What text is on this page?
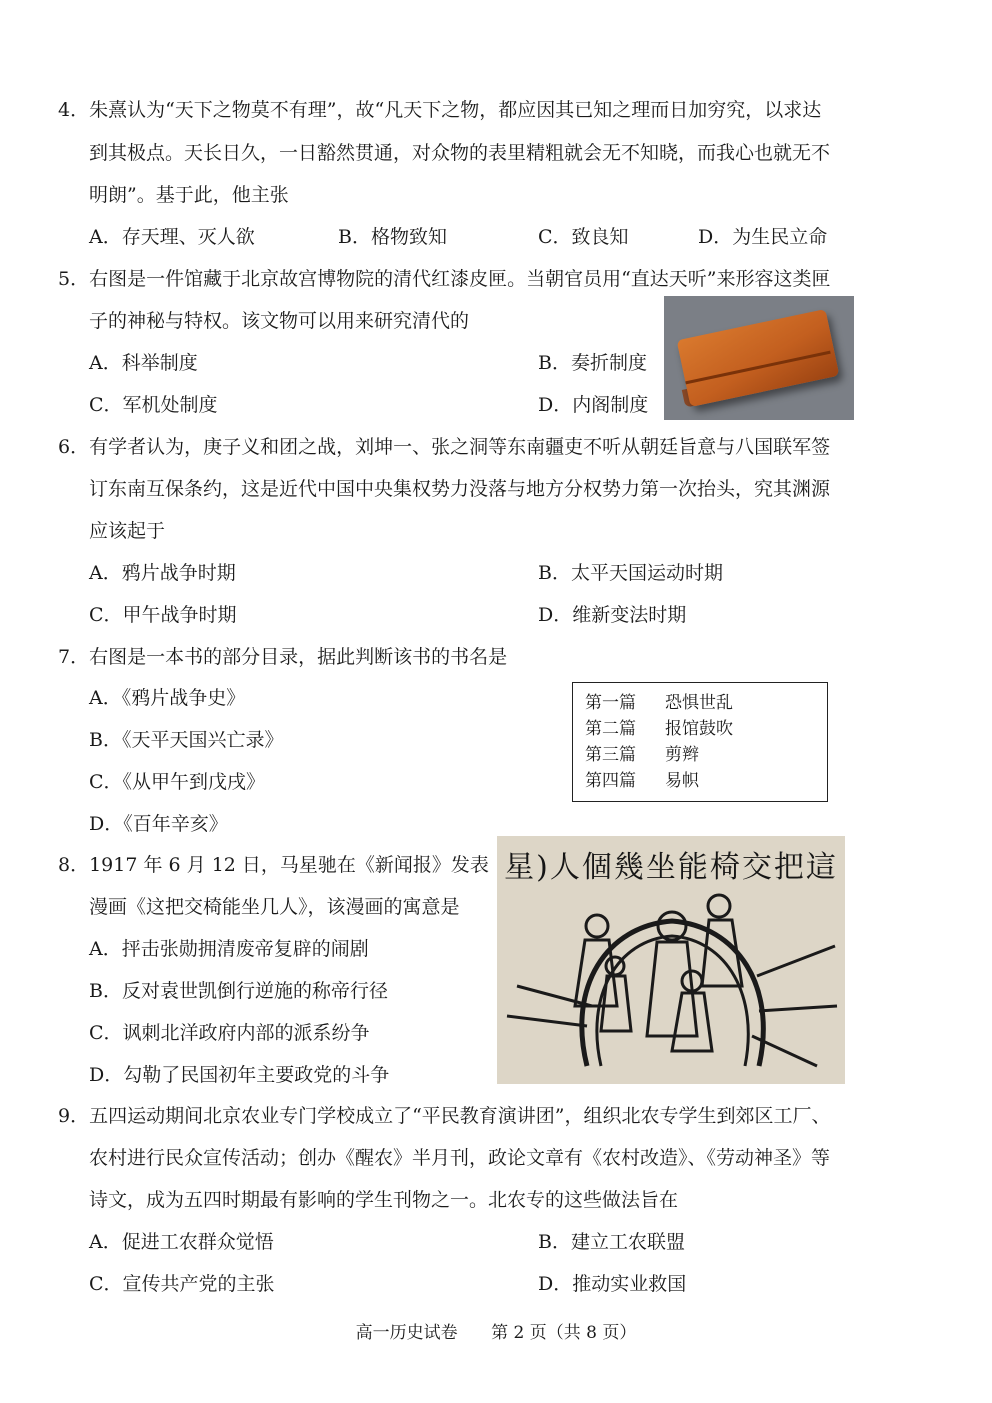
4．朱熹认为“天下之物莫不有理”，故“凡天下之物，都应因其已知之理而日加穷究，以求达
到其极点。天长日久，一日豁然贯通，对众物的表里精粗就会无不知晓，而我心也就无不
明朗”。基于此，他主张
A．存天理、灭人欲	B．格物致知	C．致良知	D．为生民立命
5．右图是一件馆藏于北京故宫博物院的清代红漆皮匣。当朝官员用“直达天听”来形容这类匣
子的神秘与特权。该文物可以用来研究清代的
A．科举制度	B．奏折制度
C．军机处制度	D．内阁制度
6．有学者认为，庚子义和团之战，刘坤一、张之洞等东南疆吏不听从朝廷旨意与八国联军签
订东南互保条约，这是近代中国中央集权势力没落与地方分权势力第一次抬头，究其渊源
应该起于
A．鸦片战争时期	B．太平天国运动时期
C．甲午战争时期	D．维新变法时期
7．右图是一本书的部分目录，据此判断该书的书名是
A．《鸦片战争史》
B．《天平天国兴亡录》
C．《从甲午到戊戌》
D．《百年辛亥》
第一篇 恐惧世乱
第二篇 报馆鼓吹
第三篇 剪辫
第四篇 易帜
8．1917 年 6 月 12 日，马星驰在《新闻报》发表
漫画《这把交椅能坐几人》，该漫画的寓意是
A．抨击张勋拥清废帝复辟的闹剧
B．反对袁世凯倒行逆施的称帝行径
C．讽刺北洋政府内部的派系纷争
D．勾勒了民国初年主要政党的斗争
星)人個幾坐能椅交把這
9．五四运动期间北京农业专门学校成立了“平民教育演讲团”，组织北农专学生到郊区工厂、
农村进行民众宣传活动；创办《醒农》半月刊，政论文章有《农村改造》、《劳动神圣》等
诗文，成为五四时期最有影响的学生刊物之一。北农专的这些做法旨在
A．促进工农群众觉悟	B．建立工农联盟
C．宣传共产党的主张	D．推动实业救国
高一历史试卷 第 2 页（共 8 页）
